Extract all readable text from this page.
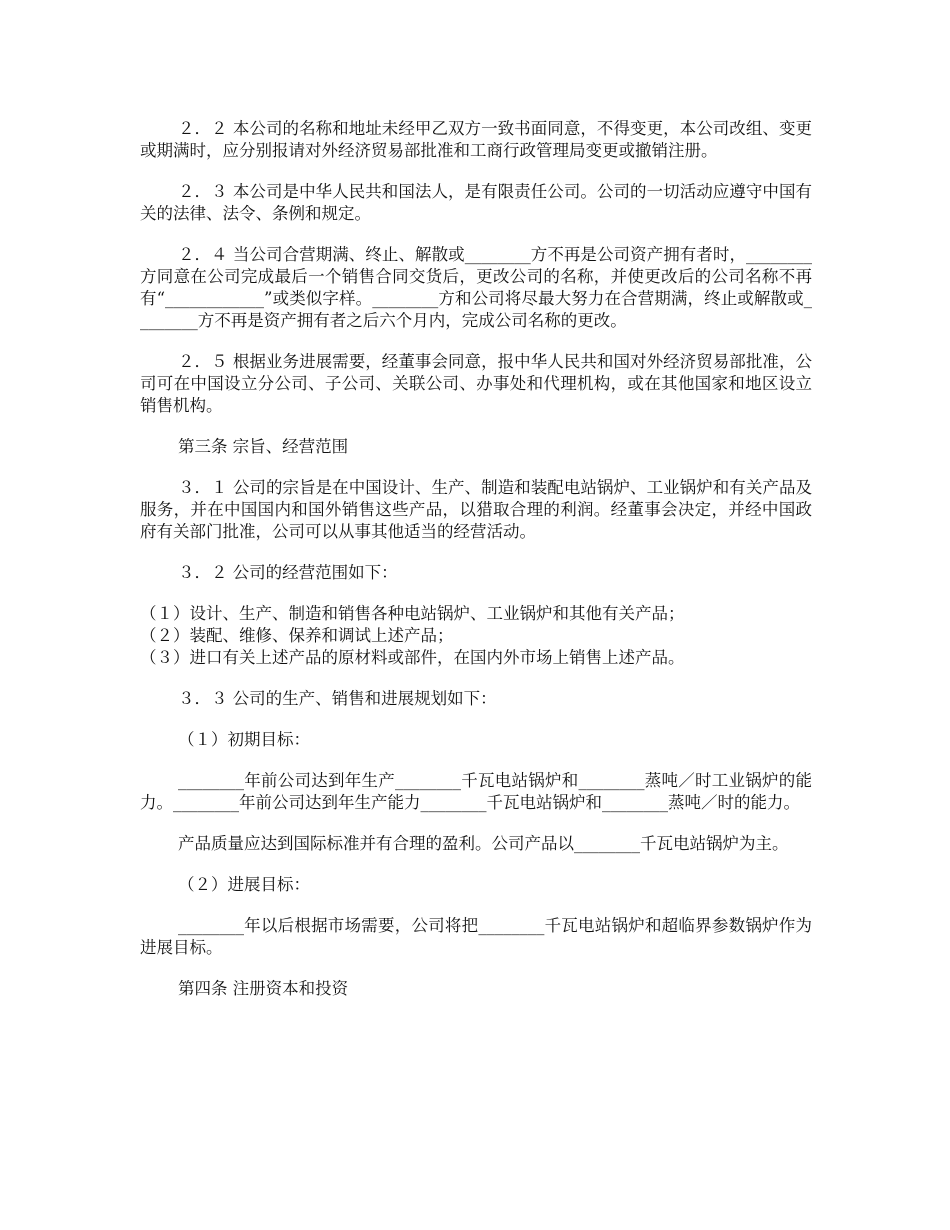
２．２ 本公司的名称和地址未经甲乙双方一致书面同意，不得变更，本公司改组、变更或期满时，应分别报请对外经济贸易部批准和工商行政管理局变更或撤销注册。

２．３ 本公司是中华人民共和国法人，是有限责任公司。公司的一切活动应遵守中国有关的法律、法令、条例和规定。

２．４ 当公司合营期满、终止、解散或________方不再是公司资产拥有者时，________方同意在公司完成最后一个销售合同交货后，更改公司的名称，并使更改后的公司名称不再有“____________”或类似字样。________方和公司将尽最大努力在合营期满，终止或解散或________方不再是资产拥有者之后六个月内，完成公司名称的更改。

２．５ 根据业务进展需要，经董事会同意，报中华人民共和国对外经济贸易部批准，公司可在中国设立分公司、子公司、关联公司、办事处和代理机构，或在其他国家和地区设立销售机构。

第三条 宗旨、经营范围

３．１ 公司的宗旨是在中国设计、生产、制造和装配电站锅炉、工业锅炉和有关产品及服务，并在中国国内和国外销售这些产品，以猎取合理的利润。经董事会决定，并经中国政府有关部门批准，公司可以从事其他适当的经营活动。

３．２ 公司的经营范围如下：

（１）设计、生产、制造和销售各种电站锅炉、工业锅炉和其他有关产品；
（２）装配、维修、保养和调试上述产品；
（３）进口有关上述产品的原材料或部件，在国内外市场上销售上述产品。

３．３ 公司的生产、销售和进展规划如下：

（１）初期目标：

________年前公司达到年生产________千瓦电站锅炉和________蒸吨／时工业锅炉的能力。________年前公司达到年生产能力________千瓦电站锅炉和________蒸吨／时的能力。

产品质量应达到国际标准并有合理的盈利。公司产品以________千瓦电站锅炉为主。

（２）进展目标：

________年以后根据市场需要，公司将把________千瓦电站锅炉和超临界参数锅炉作为进展目标。

第四条 注册资本和投资
